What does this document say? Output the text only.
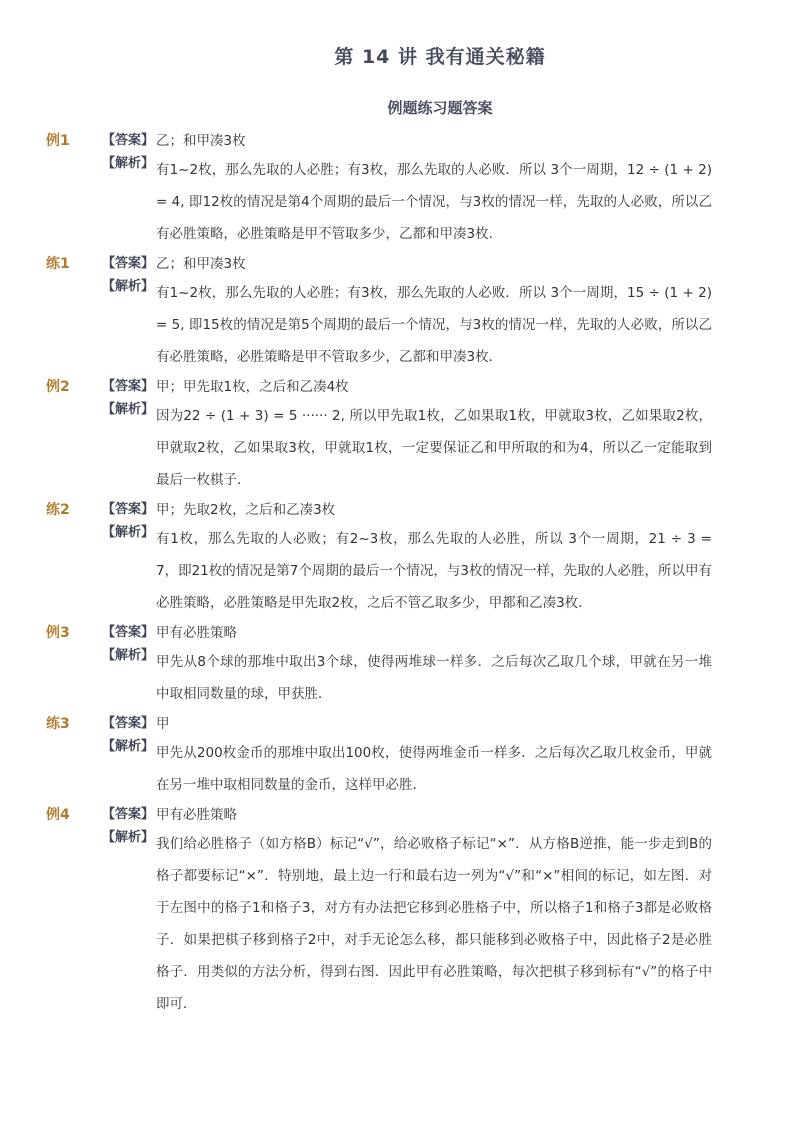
第 14 讲 我有通关秘籍
例题练习题答案
例1 【答案】 乙；和甲凑3枚
【解析】 有1~2枚，那么先取的人必胜；有3枚，那么先取的人必败．所以 3个一周期，12 ÷ (1 + 2) = 4, 即12枚的情况是第4个周期的最后一个情况，与3枚的情况一样，先取的人必败，所以乙有必胜策略，必胜策略是甲不管取多少，乙都和甲凑3枚．
练1 【答案】 乙；和甲凑3枚
【解析】 有1~2枚，那么先取的人必胜；有3枚，那么先取的人必败．所以 3个一周期，15 ÷ (1 + 2) = 5, 即15枚的情况是第5个周期的最后一个情况，与3枚的情况一样，先取的人必败，所以乙有必胜策略，必胜策略是甲不管取多少，乙都和甲凑3枚．
例2 【答案】 甲；甲先取1枚，之后和乙凑4枚
【解析】 因为22 ÷ (1 + 3) = 5 ······ 2, 所以甲先取1枚，乙如果取1枚，甲就取3枚，乙如果取2枚，甲就取2枚，乙如果取3枚，甲就取1枚，一定要保证乙和甲所取的和为4，所以乙一定能取到最后一枚棋子．
练2 【答案】 甲；先取2枚，之后和乙凑3枚
【解析】 有1枚，那么先取的人必败；有2~3枚，那么先取的人必胜，所以 3个一周期，21 ÷ 3 = 7，即21枚的情况是第7个周期的最后一个情况，与3枚的情况一样，先取的人必胜，所以甲有必胜策略，必胜策略是甲先取2枚，之后不管乙取多少，甲都和乙凑3枚．
例3 【答案】 甲有必胜策略
【解析】 甲先从8个球的那堆中取出3个球，使得两堆球一样多．之后每次乙取几个球，甲就在另一堆中取相同数量的球，甲获胜．
练3 【答案】 甲
【解析】 甲先从200枚金币的那堆中取出100枚，使得两堆金币一样多．之后每次乙取几枚金币，甲就在另一堆中取相同数量的金币，这样甲必胜．
例4 【答案】 甲有必胜策略
【解析】 我们给必胜格子（如方格B）标记“√”，给必败格子标记“×”．从方格B逆推，能一步走到B的格子都要标记“×”．特别地，最上边一行和最右边一列为“√”和“×”相间的标记，如左图．对于左图中的格子1和格子3，对方有办法把它移到必胜格子中，所以格子1和格子3都是必败格子．如果把棋子移到格子2中，对手无论怎么移，都只能移到必败格子中，因此格子2是必胜格子．用类似的方法分析，得到右图．因此甲有必胜策略，每次把棋子移到标有“√”的格子中即可．
